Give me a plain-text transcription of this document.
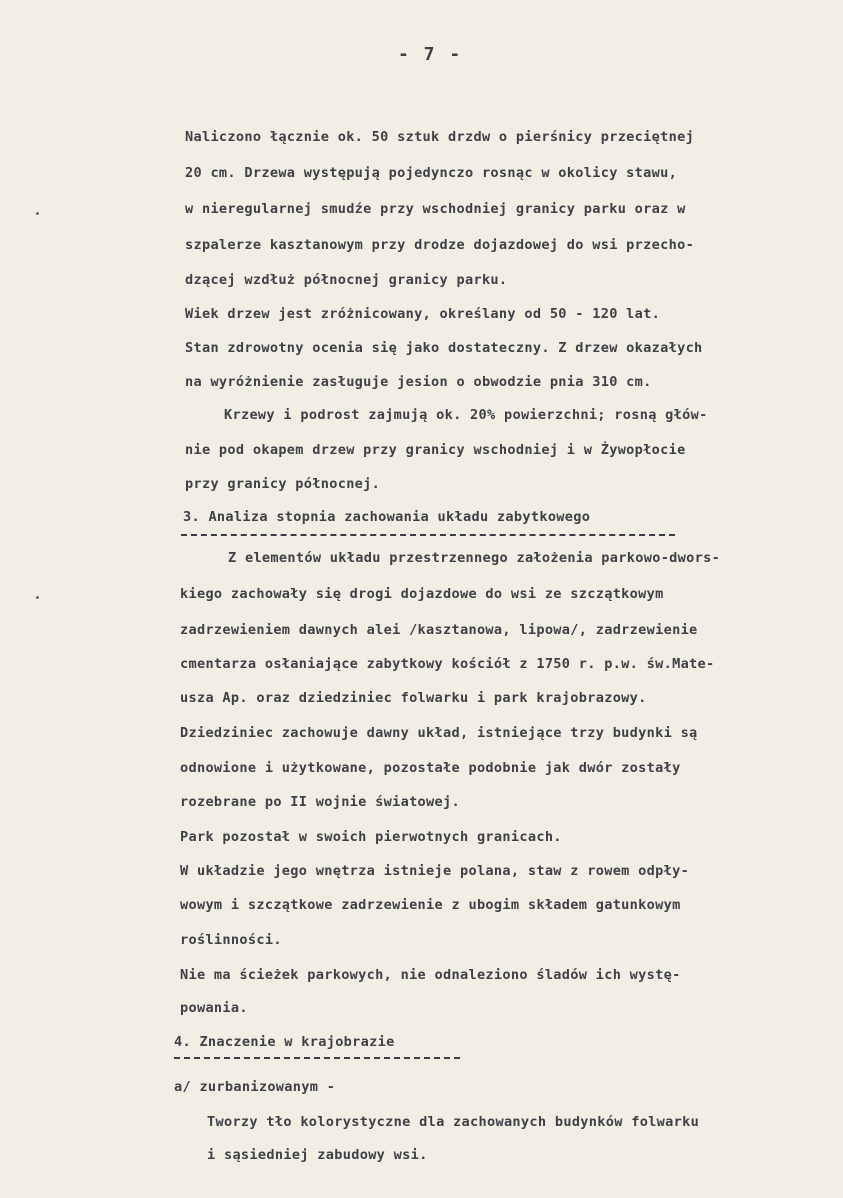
- 7 -
Naliczono łącznie ok. 50 sztuk drzdw o pierśnicy przeciętnej
20 cm. Drzewa występują pojedynczo rosnąc w okolicy stawu,
w nieregularnej smudźe przy wschodniej granicy parku oraz w
szpalerze kasztanowym przy drodze dojazdowej do wsi przecho-
dzącej wzdłuż północnej granicy parku.
Wiek drzew jest zróżnicowany, określany od 50 - 120 lat.
Stan zdrowotny ocenia się jako dostateczny. Z drzew okazałych
na wyróżnienie zasługuje jesion o obwodzie pnia 310 cm.
Krzewy i podrost zajmują ok. 20% powierzchni; rosną głów-
nie pod okapem drzew przy granicy wschodniej i w Żywopłocie
przy granicy północnej.
3. Analiza stopnia zachowania układu zabytkowego
Z elementów układu przestrzennego założenia parkowo-dwors-
kiego zachowały się drogi dojazdowe do wsi ze szczątkowym
zadrzewieniem dawnych alei /kasztanowa, lipowa/, zadrzewienie
cmentarza osłaniające zabytkowy kościół z 1750 r. p.w. św.Mate-
usza Ap. oraz dziedziniec folwarku i park krajobrazowy.
Dziedziniec zachowuje dawny układ, istniejące trzy budynki są
odnowione i użytkowane, pozostałe podobnie jak dwór zostały
rozebrane po II wojnie światowej.
Park pozostał w swoich pierwotnych granicach.
W układzie jego wnętrza istnieje polana, staw z rowem odpły-
wowym i szczątkowe zadrzewienie z ubogim składem gatunkowym
roślinności.
Nie ma ścieżek parkowych, nie odnaleziono śladów ich wystę-
powania.
4. Znaczenie w krajobrazie
a/ zurbanizowanym -
Tworzy tło kolorystyczne dla zachowanych budynków folwarku
i sąsiedniej zabudowy wsi.
